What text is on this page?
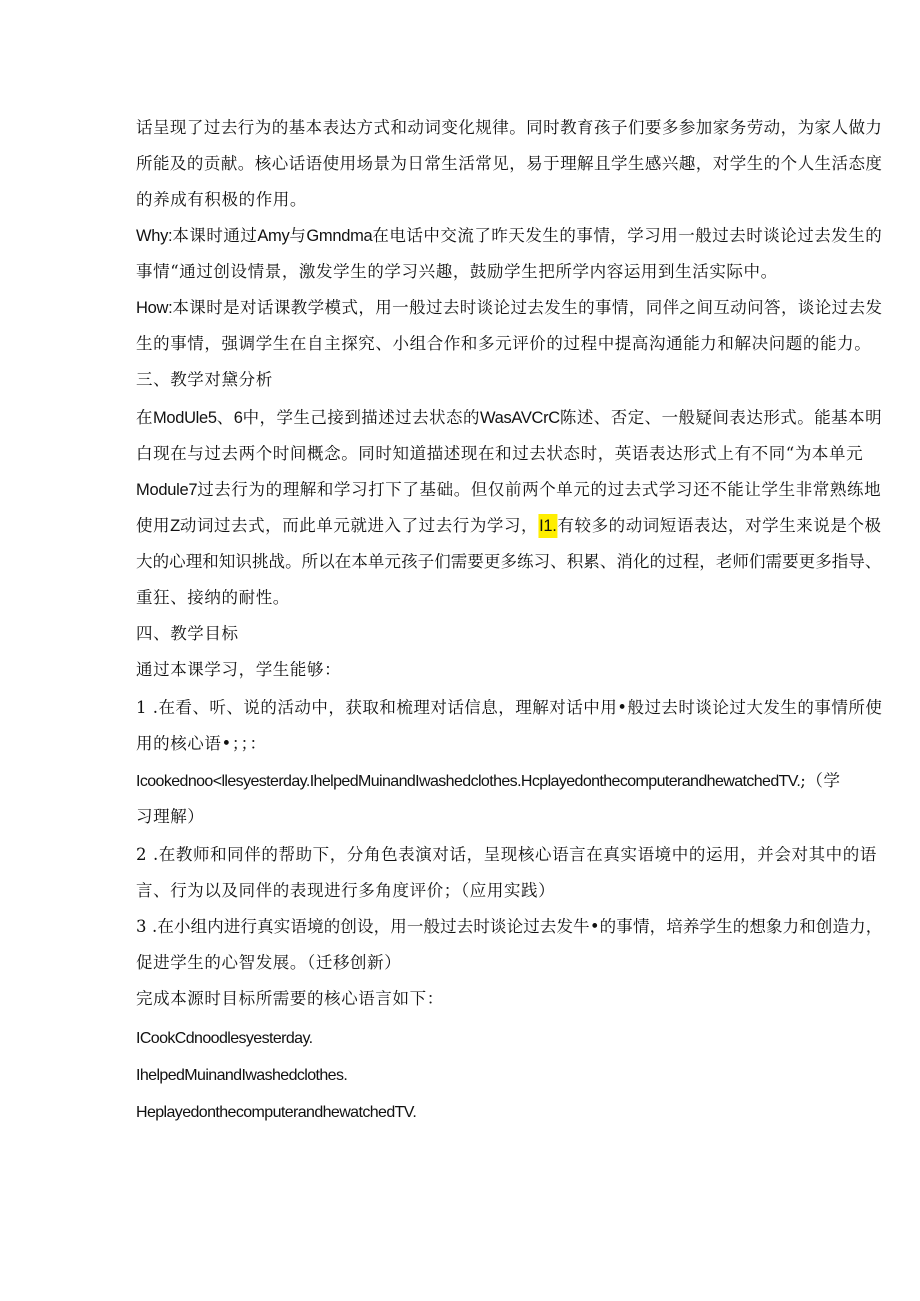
话呈现了过去行为的基本表达方式和动词变化规律。同时教育孩子们要多参加家务劳动，为家人做力
所能及的贡献。核心话语使用场景为日常生活常见，易于理解且学生感兴趣，对学生的个人生活态度
的养成有积极的作用。
Why:本课时通过Amy与Gmndma在电话中交流了昨天发生的事情，学习用一般过去时谈论过去发生的
事情“通过创设情景，激发学生的学习兴趣，鼓励学生把所学内容运用到生活实际中。
How:本课时是对话课教学模式，用一般过去时谈论过去发生的事情，同伴之间互动问答，谈论过去发
生的事情，强调学生在自主探究、小组合作和多元评价的过程中提高沟通能力和解决问题的能力。
三、教学对黛分析
在ModUle5、6中，学生己接到描述过去状态的WasAVCrC陈述、否定、一般疑间表达形式。能基本明
白现在与过去两个时间概念。同时知道描述现在和过去状态时，英语表达形式上有不同“为本单元
Module7过去行为的理解和学习打下了基础。但仅前两个单元的过去式学习还不能让学生非常熟练地
使用Z动词过去式，而此单元就进入了过去行为学习，I1.有较多的动词短语表达，对学生来说是个极
大的心理和知识挑战。所以在本单元孩子们需要更多练习、积累、消化的过程，老师们需要更多指导、
重狂、接纳的耐性。
四、教学目标
通过本课学习，学生能够：
1 .在看、听、说的活动中，获取和梳理对话信息，理解对话中用•般过去时谈论过大发生的事情所使
用的核心语•；；：
Icookednoo<llesyesterday.IhelpedMuinandIwashedclothes.HcplayedonthecomputerandhewatchedTV.;（学
习理解）
2 .在教师和同伴的帮助下，分角色表演对话，呈现核心语言在真实语境中的运用，并会对其中的语
言、行为以及同伴的表现进行多角度评价；（应用实践）
3 .在小组内进行真实语境的创设，用一般过去时谈论过去发牛•的事情，培养学生的想象力和创造力，
促进学生的心智发展。（迁移创新）
完成本源时目标所需要的核心语言如下：
ICookCdnoodlesyesterday.
IhelpedMuinandIwashedclothes.
HeplayedonthecomputerandhewatchedTV.
